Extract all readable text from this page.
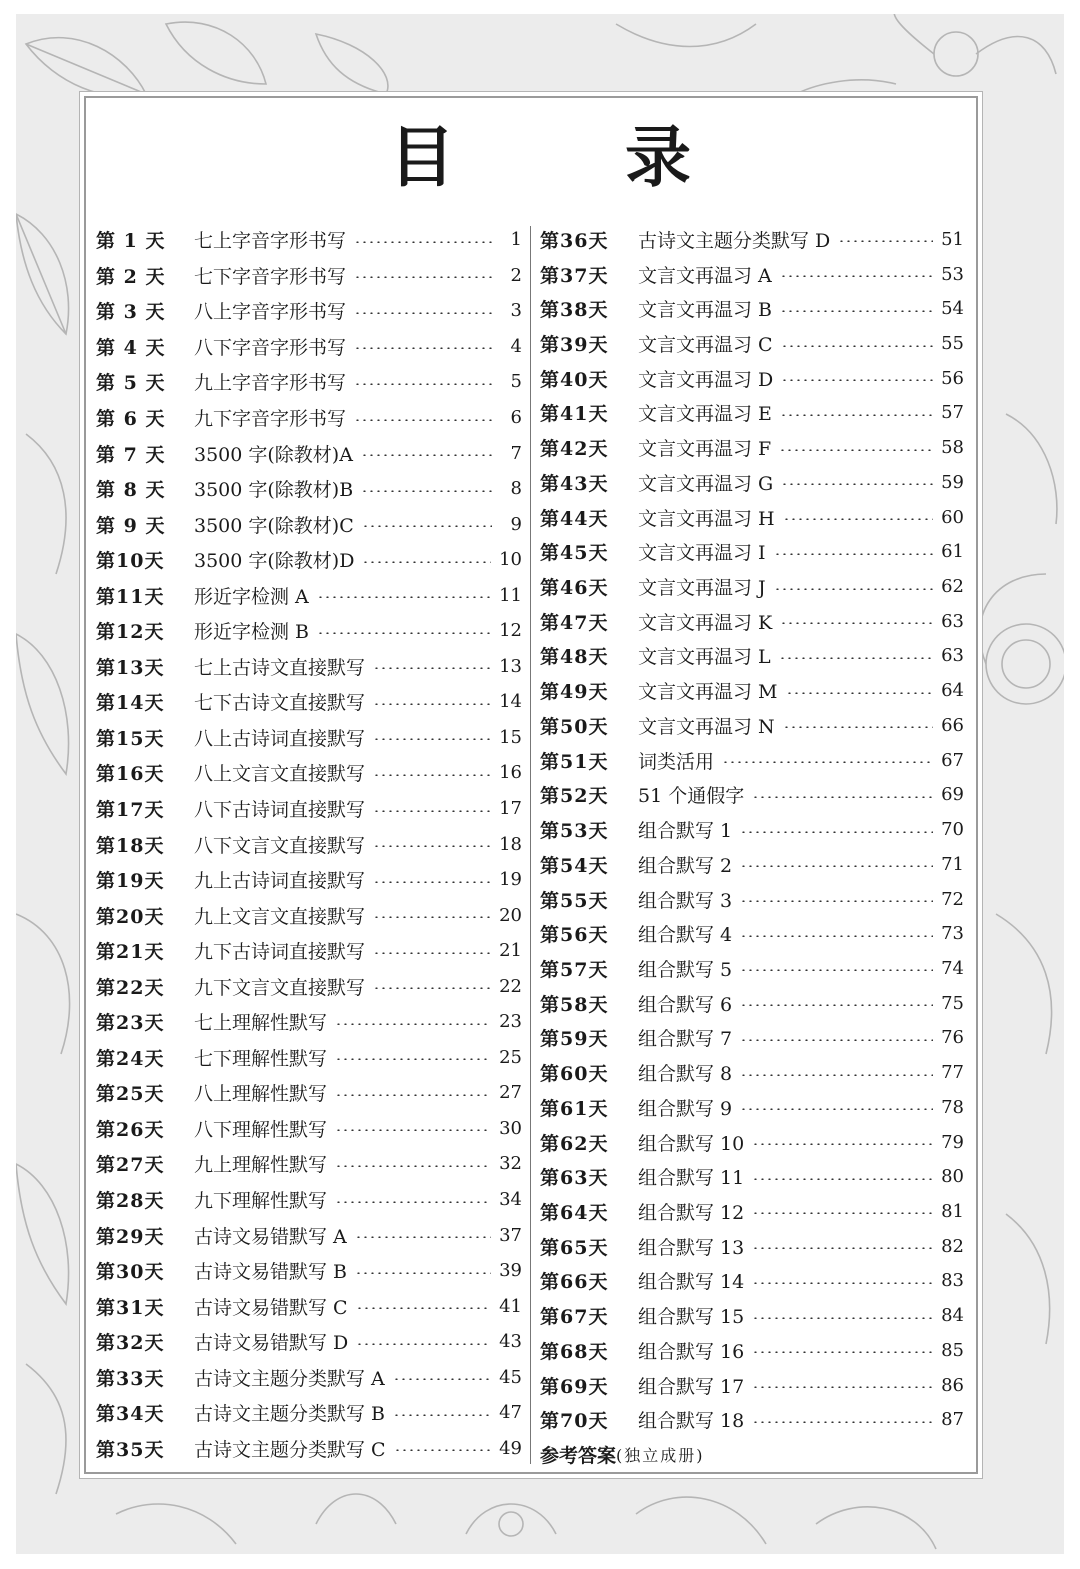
目　录
第 1 天	七上字音字形书写	1
第 2 天	七下字音字形书写	2
第 3 天	八上字音字形书写	3
第 4 天	八下字音字形书写	4
第 5 天	九上字音字形书写	5
第 6 天	九下字音字形书写	6
第 7 天	3500 字(除教材)A	7
第 8 天	3500 字(除教材)B	8
第 9 天	3500 字(除教材)C	9
第10天	3500 字(除教材)D	10
第11天	形近字检测 A	11
第12天	形近字检测 B	12
第13天	七上古诗文直接默写	13
第14天	七下古诗文直接默写	14
第15天	八上古诗词直接默写	15
第16天	八上文言文直接默写	16
第17天	八下古诗词直接默写	17
第18天	八下文言文直接默写	18
第19天	九上古诗词直接默写	19
第20天	九上文言文直接默写	20
第21天	九下古诗词直接默写	21
第22天	九下文言文直接默写	22
第23天	七上理解性默写	23
第24天	七下理解性默写	25
第25天	八上理解性默写	27
第26天	八下理解性默写	30
第27天	九上理解性默写	32
第28天	九下理解性默写	34
第29天	古诗文易错默写 A	37
第30天	古诗文易错默写 B	39
第31天	古诗文易错默写 C	41
第32天	古诗文易错默写 D	43
第33天	古诗文主题分类默写 A	45
第34天	古诗文主题分类默写 B	47
第35天	古诗文主题分类默写 C	49
第36天	古诗文主题分类默写 D	51
第37天	文言文再温习 A	53
第38天	文言文再温习 B	54
第39天	文言文再温习 C	55
第40天	文言文再温习 D	56
第41天	文言文再温习 E	57
第42天	文言文再温习 F	58
第43天	文言文再温习 G	59
第44天	文言文再温习 H	60
第45天	文言文再温习 I	61
第46天	文言文再温习 J	62
第47天	文言文再温习 K	63
第48天	文言文再温习 L	63
第49天	文言文再温习 M	64
第50天	文言文再温习 N	66
第51天	词类活用	67
第52天	51 个通假字	69
第53天	组合默写 1	70
第54天	组合默写 2	71
第55天	组合默写 3	72
第56天	组合默写 4	73
第57天	组合默写 5	74
第58天	组合默写 6	75
第59天	组合默写 7	76
第60天	组合默写 8	77
第61天	组合默写 9	78
第62天	组合默写 10	79
第63天	组合默写 11	80
第64天	组合默写 12	81
第65天	组合默写 13	82
第66天	组合默写 14	83
第67天	组合默写 15	84
第68天	组合默写 16	85
第69天	组合默写 17	86
第70天	组合默写 18	87
参考答案 (独立成册)
